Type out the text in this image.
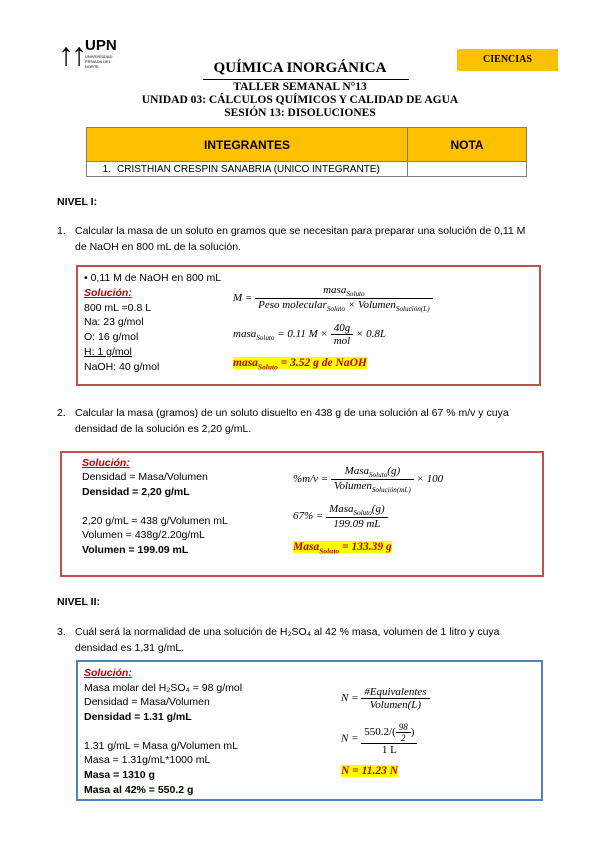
↑↑ UPN
UNIVERSIDAD PRIVADA DEL NORTE
CIENCIAS
QUÍMICA INORGÁNICA
TALLER SEMANAL N°13
UNIDAD 03: CÁLCULOS QUÍMICOS Y CALIDAD DE AGUA
SESIÓN 13: DISOLUCIONES
INTEGRANTES	NOTA
1. CRISTHIAN CRESPIN SANABRIA (UNICO INTEGRANTE)	
NIVEL I:
1. Calcular la masa de un soluto en gramos que se necesitan para preparar una solución de 0,11 M
de NaOH en 800 mL de la solución.
• 0,11 M de NaOH en 800 mL
Solución:
800 mL =0.8 L
Na: 23 g/mol
O: 16 g/mol
H: 1 g/mol
NaOH: 40 g/mol
$M = \frac{masa_{Soluto}}{Peso molecular_{Soluto} \times Volumen_{Solución(L)}}$
masa$_{Soluto}$ = 0.11 $M \times \frac{40g}{\text{mol}} \times 0.8L$
masa$_{Soluto}$ = 3.52 g de NaOH
2. Calcular la masa (gramos) de un soluto disuelto en 438 g de una solución al 67 % m/v y cuya
densidad de la solución es 2,20 g/mL.
Solución:
Densidad = Masa/Volumen
Densidad = 2,20 g/mL
2,20 g/mL = 438 g/Volumen mL
Volumen = 438g/2.20g/mL
Volumen = 199.09 mL
$\%m/v = \frac{Masa_{Soluto}(g)}{Volumen_{Solución(mL)}} \times 100$
$67\% = \frac{Masa_{Soluto}(g)}{199.09 mL}$
Masa$_{Soluto}$ = 133.39 g
NIVEL II:
3. Cuál será la normalidad de una solución de H₂SO₄ al 42 % masa, volumen de 1 litro y cuya
densidad es 1,31 g/mL.
Solución:
Masa molar del H₂SO₄ = 98 g/mol
Densidad = Masa/Volumen
Densidad = 1.31 g/mL
1.31 g/mL = Masa g/Volumen mL
Masa = 1.31g/mL*1000 mL
Masa = 1310 g
Masa al 42% = 550.2 g
$N = \frac{\text{\#Equivalentes}}{\text{Volumen(L)}}$
$N = \frac{550.2/( \frac{98}{2} )}{1 L}$
N = 11.23 N
